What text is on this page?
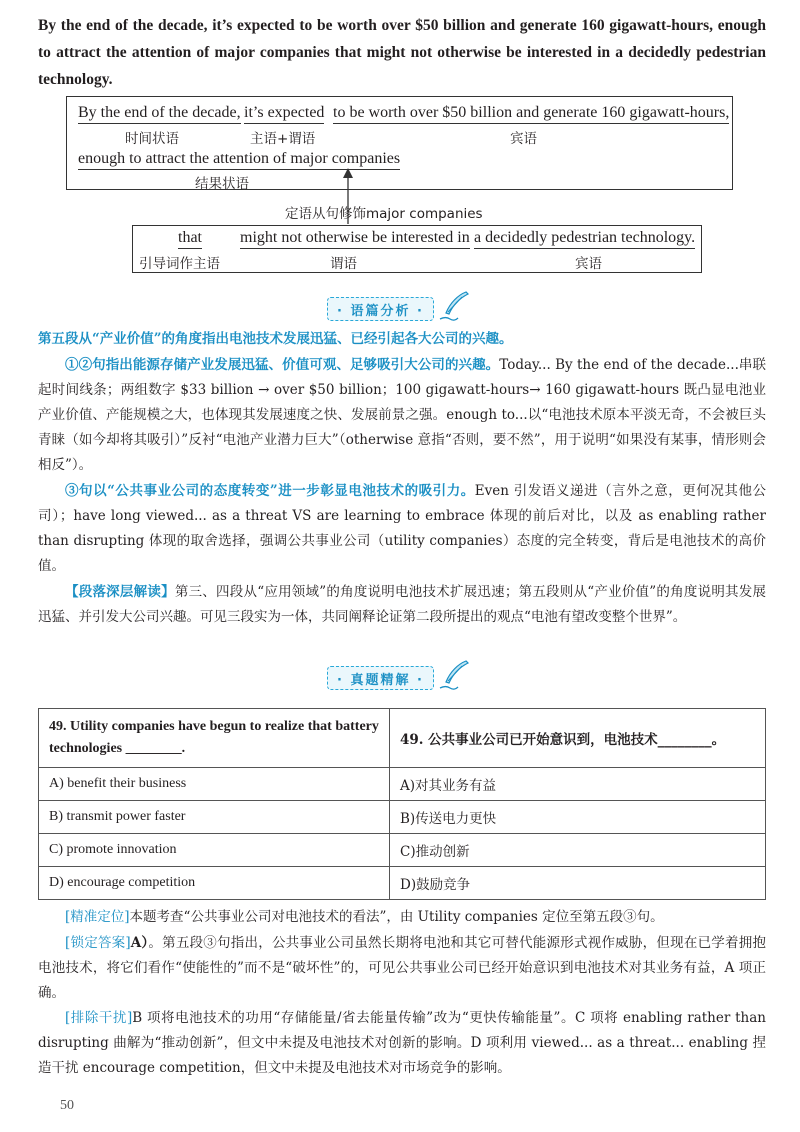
By the end of the decade, it’s expected to be worth over $50 billion and generate 160 gigawatt-hours, enough to attract the attention of major companies that might not otherwise be interested in a decidedly pedestrian technology.
By the end of the decade, it’s expected to be worth over $50 billion and generate 160 gigawatt-hours,
时间状语	主语+谓语	宾语
enough to attract the attention of major companies
结果状语
定语从句修饰major companies
that might not otherwise be interested in a decidedly pedestrian technology.
引导词作主语	谓语	宾语
· 语篇分析 ·
第五段从“产业价值”的角度指出电池技术发展迅猛、已经引起各大公司的兴趣。
①②句指出能源存储产业发展迅猛、价值可观、足够吸引大公司的兴趣。Today... By the end of the decade...串联起时间线条；两组数字 $33 billion → over $50 billion；100 gigawatt-hours→ 160 gigawatt-hours 既凸显电池业产业价值、产能规模之大，也体现其发展速度之快、发展前景之强。enough to...以“电池技术原本平淡无奇，不会被巨头青睐（如今却将其吸引）”反衬“电池产业潜力巨大”（otherwise 意指“否则，要不然”，用于说明“如果没有某事，情形则会相反”）。
③句以“公共事业公司的态度转变”进一步彰显电池技术的吸引力。Even 引发语义递进（言外之意，更何况其他公司）；have long viewed... as a threat VS are learning to embrace 体现的前后对比，以及 as enabling rather than disrupting 体现的取舍选择，强调公共事业公司（utility companies）态度的完全转变，背后是电池技术的高价值。
【段落深层解读】第三、四段从“应用领域”的角度说明电池技术扩展迅速；第五段则从“产业价值”的角度说明其发展迅猛、并引发大公司兴趣。可见三段实为一体，共同阐释论证第二段所提出的观点“电池有望改变整个世界”。
· 真题精解 ·
49. Utility companies have begun to realize that battery technologies ________.	49. 公共事业公司已开始意识到，电池技术________。
A) benefit their business	A)对其业务有益
B) transmit power faster	B)传送电力更快
C) promote innovation	C)推动创新
D) encourage competition	D)鼓励竞争
[精准定位]本题考查“公共事业公司对电池技术的看法”，由 Utility companies 定位至第五段③句。
[锁定答案]A）。第五段③句指出，公共事业公司虽然长期将电池和其它可替代能源形式视作威胁，但现在已学着拥抱电池技术，将它们看作“使能性的”而不是“破坏性”的，可见公共事业公司已经开始意识到电池技术对其业务有益，A 项正确。
[排除干扰]B 项将电池技术的功用“存储能量/省去能量传输”改为“更快传输能量”。C 项将 enabling rather than disrupting 曲解为“推动创新”，但文中未提及电池技术对创新的影响。D 项利用 viewed... as a threat... enabling 捏造干扰 encourage competition，但文中未提及电池技术对市场竞争的影响。
50
